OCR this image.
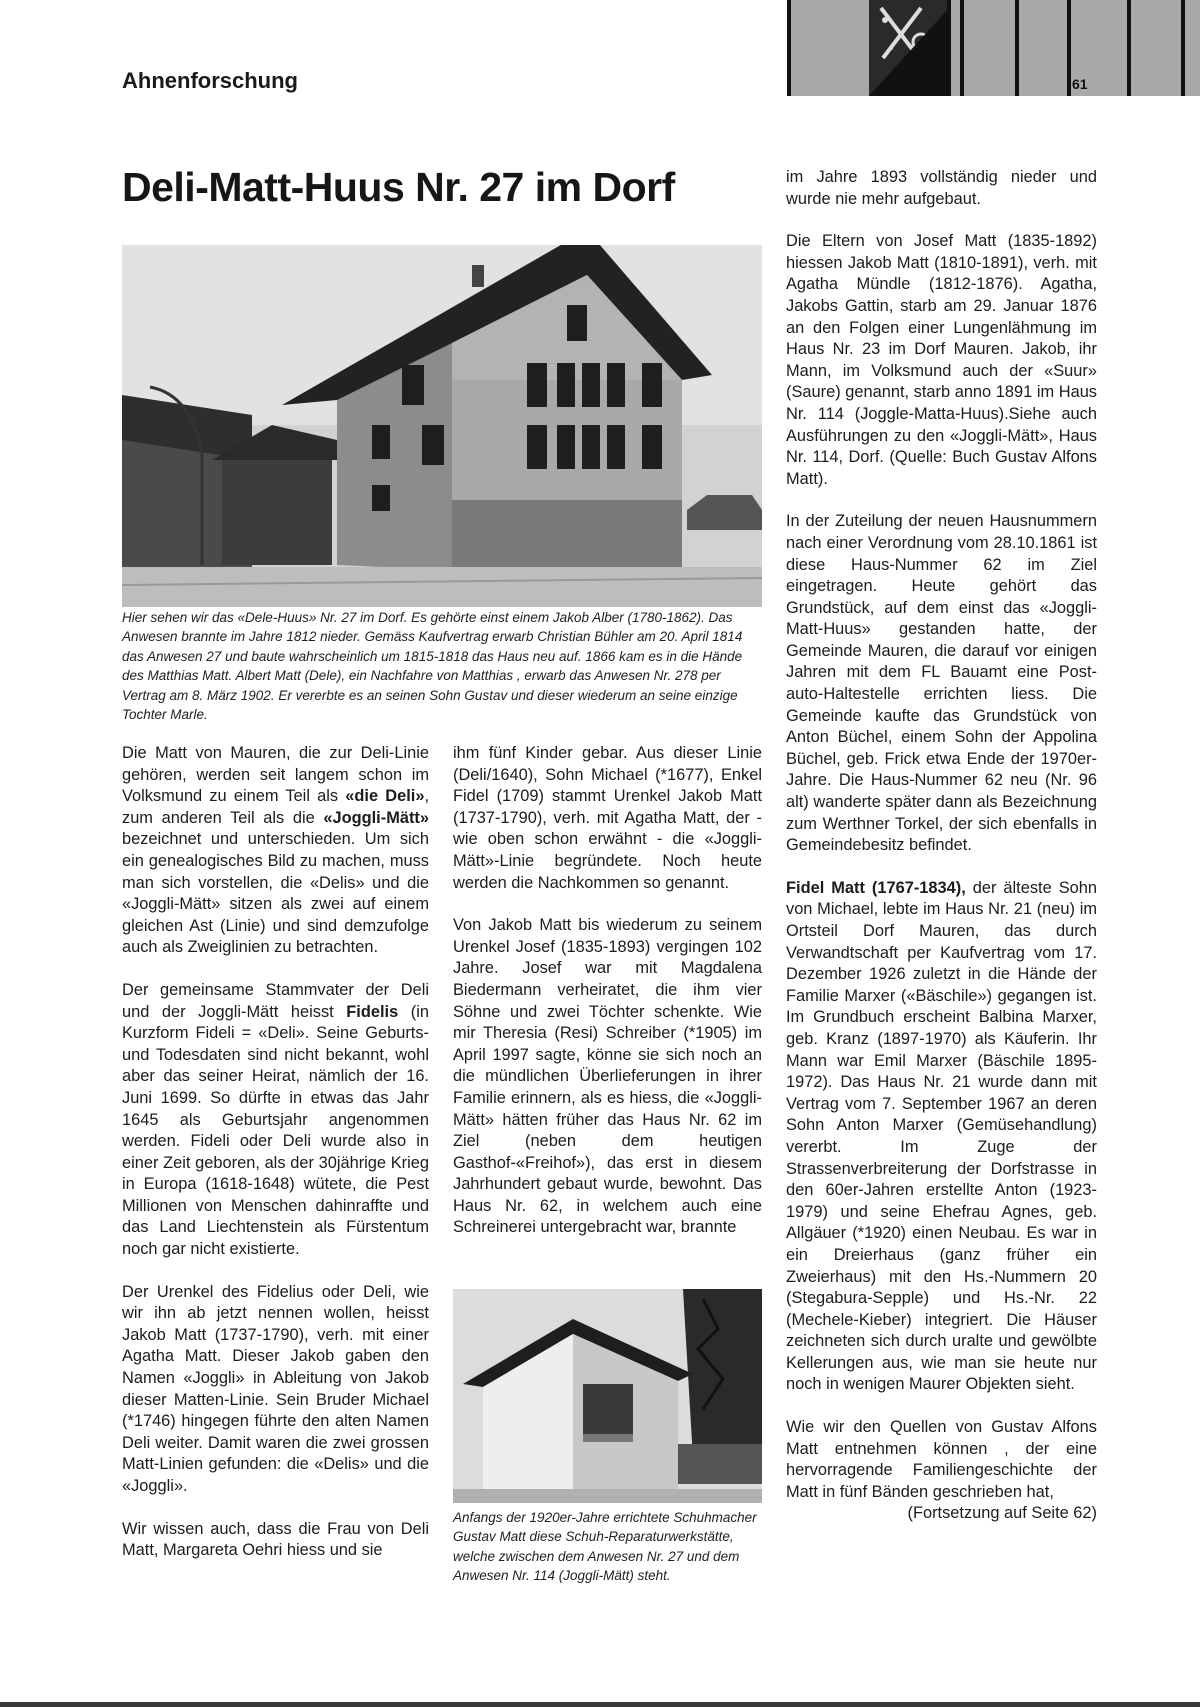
Ahnenforschung	61
Deli-Matt-Huus Nr. 27 im Dorf
Hier sehen wir das «Dele-Huus» Nr. 27 im Dorf. Es gehörte einst einem Jakob Alber (1780-1862). Das Anwesen brannte im Jahre 1812 nieder. Gemäss Kaufvertrag erwarb Christian Bühler am 20. April 1814 das Anwesen 27 und baute wahrscheinlich um 1815-1818 das Haus neu auf. 1866 kam es in die Hände des Matthias Matt. Albert Matt (Dele), ein Nachfahre von Matthias , erwarb das Anwesen Nr. 278 per Vertrag am 8. März 1902. Er vererbte es an seinen Sohn Gustav und dieser wiederum an seine einzige Tochter Marle.

Die Matt von Mauren, die zur Deli-Linie gehören, werden seit langem schon im Volksmund zu einem Teil als «die Deli», zum anderen Teil als die «Joggli-Mätt» bezeichnet und unterschieden. Um sich ein genealogisches Bild zu machen, muss man sich vorstellen, die «Delis» und die «Joggli-Mätt» sitzen als zwei auf einem gleichen Ast (Linie) und sind demzufolge auch als Zweiglinien zu betrachten.

Der gemeinsame Stammvater der Deli und der Joggli-Mätt heisst Fidelis (in Kurzform Fideli = «Deli». Seine Geburts- und Todesdaten sind nicht bekannt, wohl aber das seiner Heirat, nämlich der 16. Juni 1699. So dürfte in etwas das Jahr 1645 als Geburtsjahr angenommen werden. Fideli oder Deli wurde also in einer Zeit geboren, als der 30jährige Krieg in Europa (1618-1648) wütete, die Pest Millionen von Menschen dahinraffte und das Land Liechtenstein als Fürstentum noch gar nicht existierte.

Der Urenkel des Fidelius oder Deli, wie wir ihn ab jetzt nennen wollen, heisst Jakob Matt (1737-1790), verh. mit einer Agatha Matt. Dieser Jakob gaben den Namen «Joggli» in Ableitung von Jakob dieser Matten-Linie. Sein Bruder Michael (*1746) hingegen führte den alten Namen Deli weiter. Damit waren die zwei grossen Matt-Linien gefunden: die «Delis» und die «Joggli».

Wir wissen auch, dass die Frau von Deli Matt, Margareta Oehri hiess und sie

ihm fünf Kinder gebar. Aus dieser Linie (Deli/1640), Sohn Michael (*1677), Enkel Fidel (1709) stammt Urenkel Jakob Matt (1737-1790), verh. mit Agatha Matt, der - wie oben schon erwähnt - die «Joggli-Mätt»-Linie begründete. Noch heute werden die Nachkommen so genannt.

Von Jakob Matt bis wiederum zu seinem Urenkel Josef (1835-1893) vergingen 102 Jahre. Josef war mit Magdalena Biedermann verheiratet, die ihm vier Söhne und zwei Töchter schenkte. Wie mir Theresia (Resi) Schreiber (*1905) im April 1997 sagte, könne sie sich noch an die mündlichen Überlieferungen in ihrer Familie erinnern, als es hiess, die «Joggli-Mätt» hätten früher das Haus Nr. 62 im Ziel (neben dem heutigen Gasthof-«Freihof»), das erst in diesem Jahrhundert gebaut wurde, bewohnt. Das Haus Nr. 62, in welchem auch eine Schreinerei untergebracht war, brannte

Anfangs der 1920er-Jahre errichtete Schuhmacher Gustav Matt diese Schuh-Reparaturwerkstätte, welche zwischen dem Anwesen Nr. 27 und dem Anwesen Nr. 114 (Joggli-Mätt) steht.

im Jahre 1893 vollständig nieder und wurde nie mehr aufgebaut.

Die Eltern von Josef Matt (1835-1892) hiessen Jakob Matt (1810-1891), verh. mit Agatha Mündle (1812-1876). Agatha, Jakobs Gattin, starb am 29. Januar 1876 an den Folgen einer Lungenlähmung im Haus Nr. 23 im Dorf Mauren. Jakob, ihr Mann, im Volksmund auch der «Suur» (Saure) genannt, starb anno 1891 im Haus Nr. 114 (Joggle-Matta-Huus).Siehe auch Ausführungen zu den «Joggli-Mätt», Haus Nr. 114, Dorf. (Quelle: Buch Gustav Alfons Matt).

In der Zuteilung der neuen Hausnummern nach einer Verordnung vom 28.10.1861 ist diese Haus-Nummer 62 im Ziel eingetragen. Heute gehört das Grundstück, auf dem einst das «Joggli-Matt-Huus» gestanden hatte, der Gemeinde Mauren, die darauf vor einigen Jahren mit dem FL Bauamt eine Post-auto-Haltestelle errichten liess. Die Gemeinde kaufte das Grundstück von Anton Büchel, einem Sohn der Appolina Büchel, geb. Frick etwa Ende der 1970er-Jahre. Die Haus-Nummer 62 neu (Nr. 96 alt) wanderte später dann als Bezeichnung zum Werthner Torkel, der sich ebenfalls in Gemeindebesitz befindet.

Fidel Matt (1767-1834), der älteste Sohn von Michael, lebte im Haus Nr. 21 (neu) im Ortsteil Dorf Mauren, das durch Verwandtschaft per Kaufvertrag vom 17. Dezember 1926 zuletzt in die Hände der Familie Marxer («Bäschile») gegangen ist. Im Grundbuch erscheint Balbina Marxer, geb. Kranz (1897-1970) als Käuferin. Ihr Mann war Emil Marxer (Bäschile 1895-1972). Das Haus Nr. 21 wurde dann mit Vertrag vom 7. September 1967 an deren Sohn Anton Marxer (Gemüsehandlung) vererbt. Im Zuge der Strassenverbreiterung der Dorfstrasse in den 60er-Jahren erstellte Anton (1923-1979) und seine Ehefrau Agnes, geb. Allgäuer (*1920) einen Neubau. Es war in ein Dreierhaus (ganz früher ein Zweierhaus) mit den Hs.-Nummern 20 (Stegabura-Sepple) und Hs.-Nr. 22 (Mechele-Kieber) integriert. Die Häuser zeichneten sich durch uralte und gewölbte Kellerungen aus, wie man sie heute nur noch in wenigen Maurer Objekten sieht.

Wie wir den Quellen von Gustav Alfons Matt entnehmen können , der eine hervorragende Familiengeschichte der Matt in fünf Bänden geschrieben hat,

(Fortsetzung auf Seite 62)
